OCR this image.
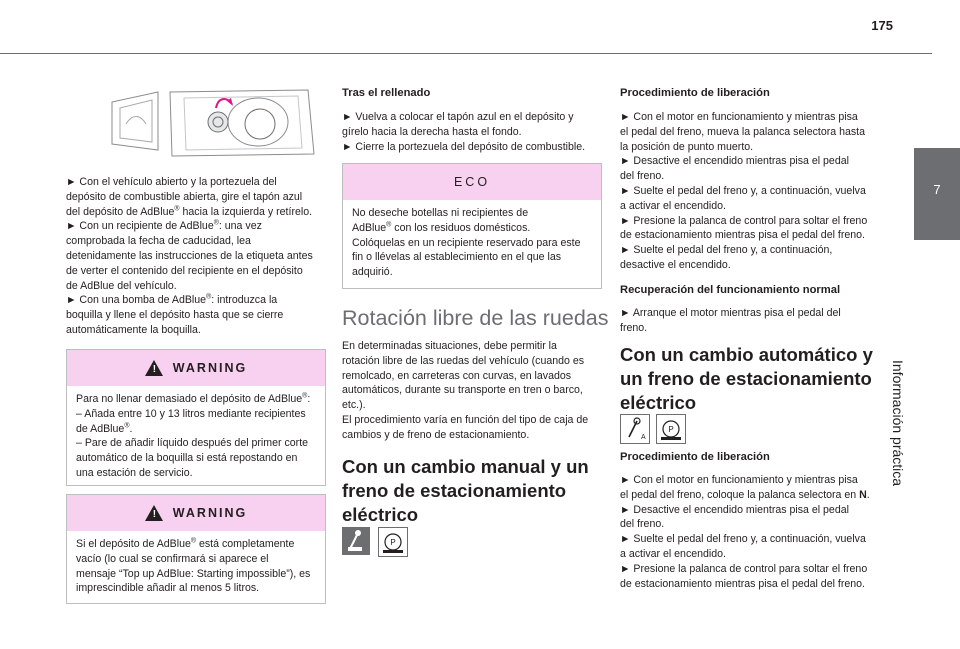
175
7
Información práctica

► Con el vehículo abierto y la portezuela del

depósito de combustible abierta, gire el tapón azul

del depósito de AdBlue® hacia la izquierda y retírelo.

► Con un recipiente de AdBlue®: una vez

comprobada la fecha de caducidad, lea

detenidamente las instrucciones de la etiqueta antes

de verter el contenido del recipiente en el depósito

de AdBlue del vehículo.

► Con una bomba de AdBlue®: introduzca la

boquilla y llene el depósito hasta que se cierre

automáticamente la boquilla.

! WARNING

Para no llenar demasiado el depósito de AdBlue®:

– Añada entre 10 y 13 litros mediante recipientes

de AdBlue®.

– Pare de añadir líquido después del primer corte

automático de la boquilla si está repostando en

una estación de servicio.

! WARNING

Si el depósito de AdBlue® está completamente

vacío (lo cual se confirmará si aparece el

mensaje “Top up AdBlue: Starting impossible”), es

imprescindible añadir al menos 5 litros.

Tras el rellenado

► Vuelva a colocar el tapón azul en el depósito y

gírelo hacia la derecha hasta el fondo.

► Cierre la portezuela del depósito de combustible.

ECO

No deseche botellas ni recipientes de

AdBlue® con los residuos domésticos.

Colóquelas en un recipiente reservado para este

fin o llévelas al establecimiento en el que las

adquirió.

Rotación libre de las ruedas

En determinadas situaciones, debe permitir la

rotación libre de las ruedas del vehículo (cuando es

remolcado, en carreteras con curvas, en lavados

automáticos, durante su transporte en tren o barco,

etc.).

El procedimiento varía en función del tipo de caja de

cambios y de freno de estacionamiento.

Con un cambio manual y un

freno de estacionamiento

eléctrico

P

Procedimiento de liberación

► Con el motor en funcionamiento y mientras pisa

el pedal del freno, mueva la palanca selectora hasta

la posición de punto muerto.

► Desactive el encendido mientras pisa el pedal

del freno.

► Suelte el pedal del freno y, a continuación, vuelva

a activar el encendido.

► Presione la palanca de control para soltar el freno

de estacionamiento mientras pisa el pedal del freno.

► Suelte el pedal del freno y, a continuación,

desactive el encendido.

Recuperación del funcionamiento normal

► Arranque el motor mientras pisa el pedal del

freno.

Con un cambio automático y

un freno de estacionamiento

eléctrico

A
P

Procedimiento de liberación

► Con el motor en funcionamiento y mientras pisa

el pedal del freno, coloque la palanca selectora en N.

► Desactive el encendido mientras pisa el pedal

del freno.

► Suelte el pedal del freno y, a continuación, vuelva

a activar el encendido.

► Presione la palanca de control para soltar el freno

de estacionamiento mientras pisa el pedal del freno.
